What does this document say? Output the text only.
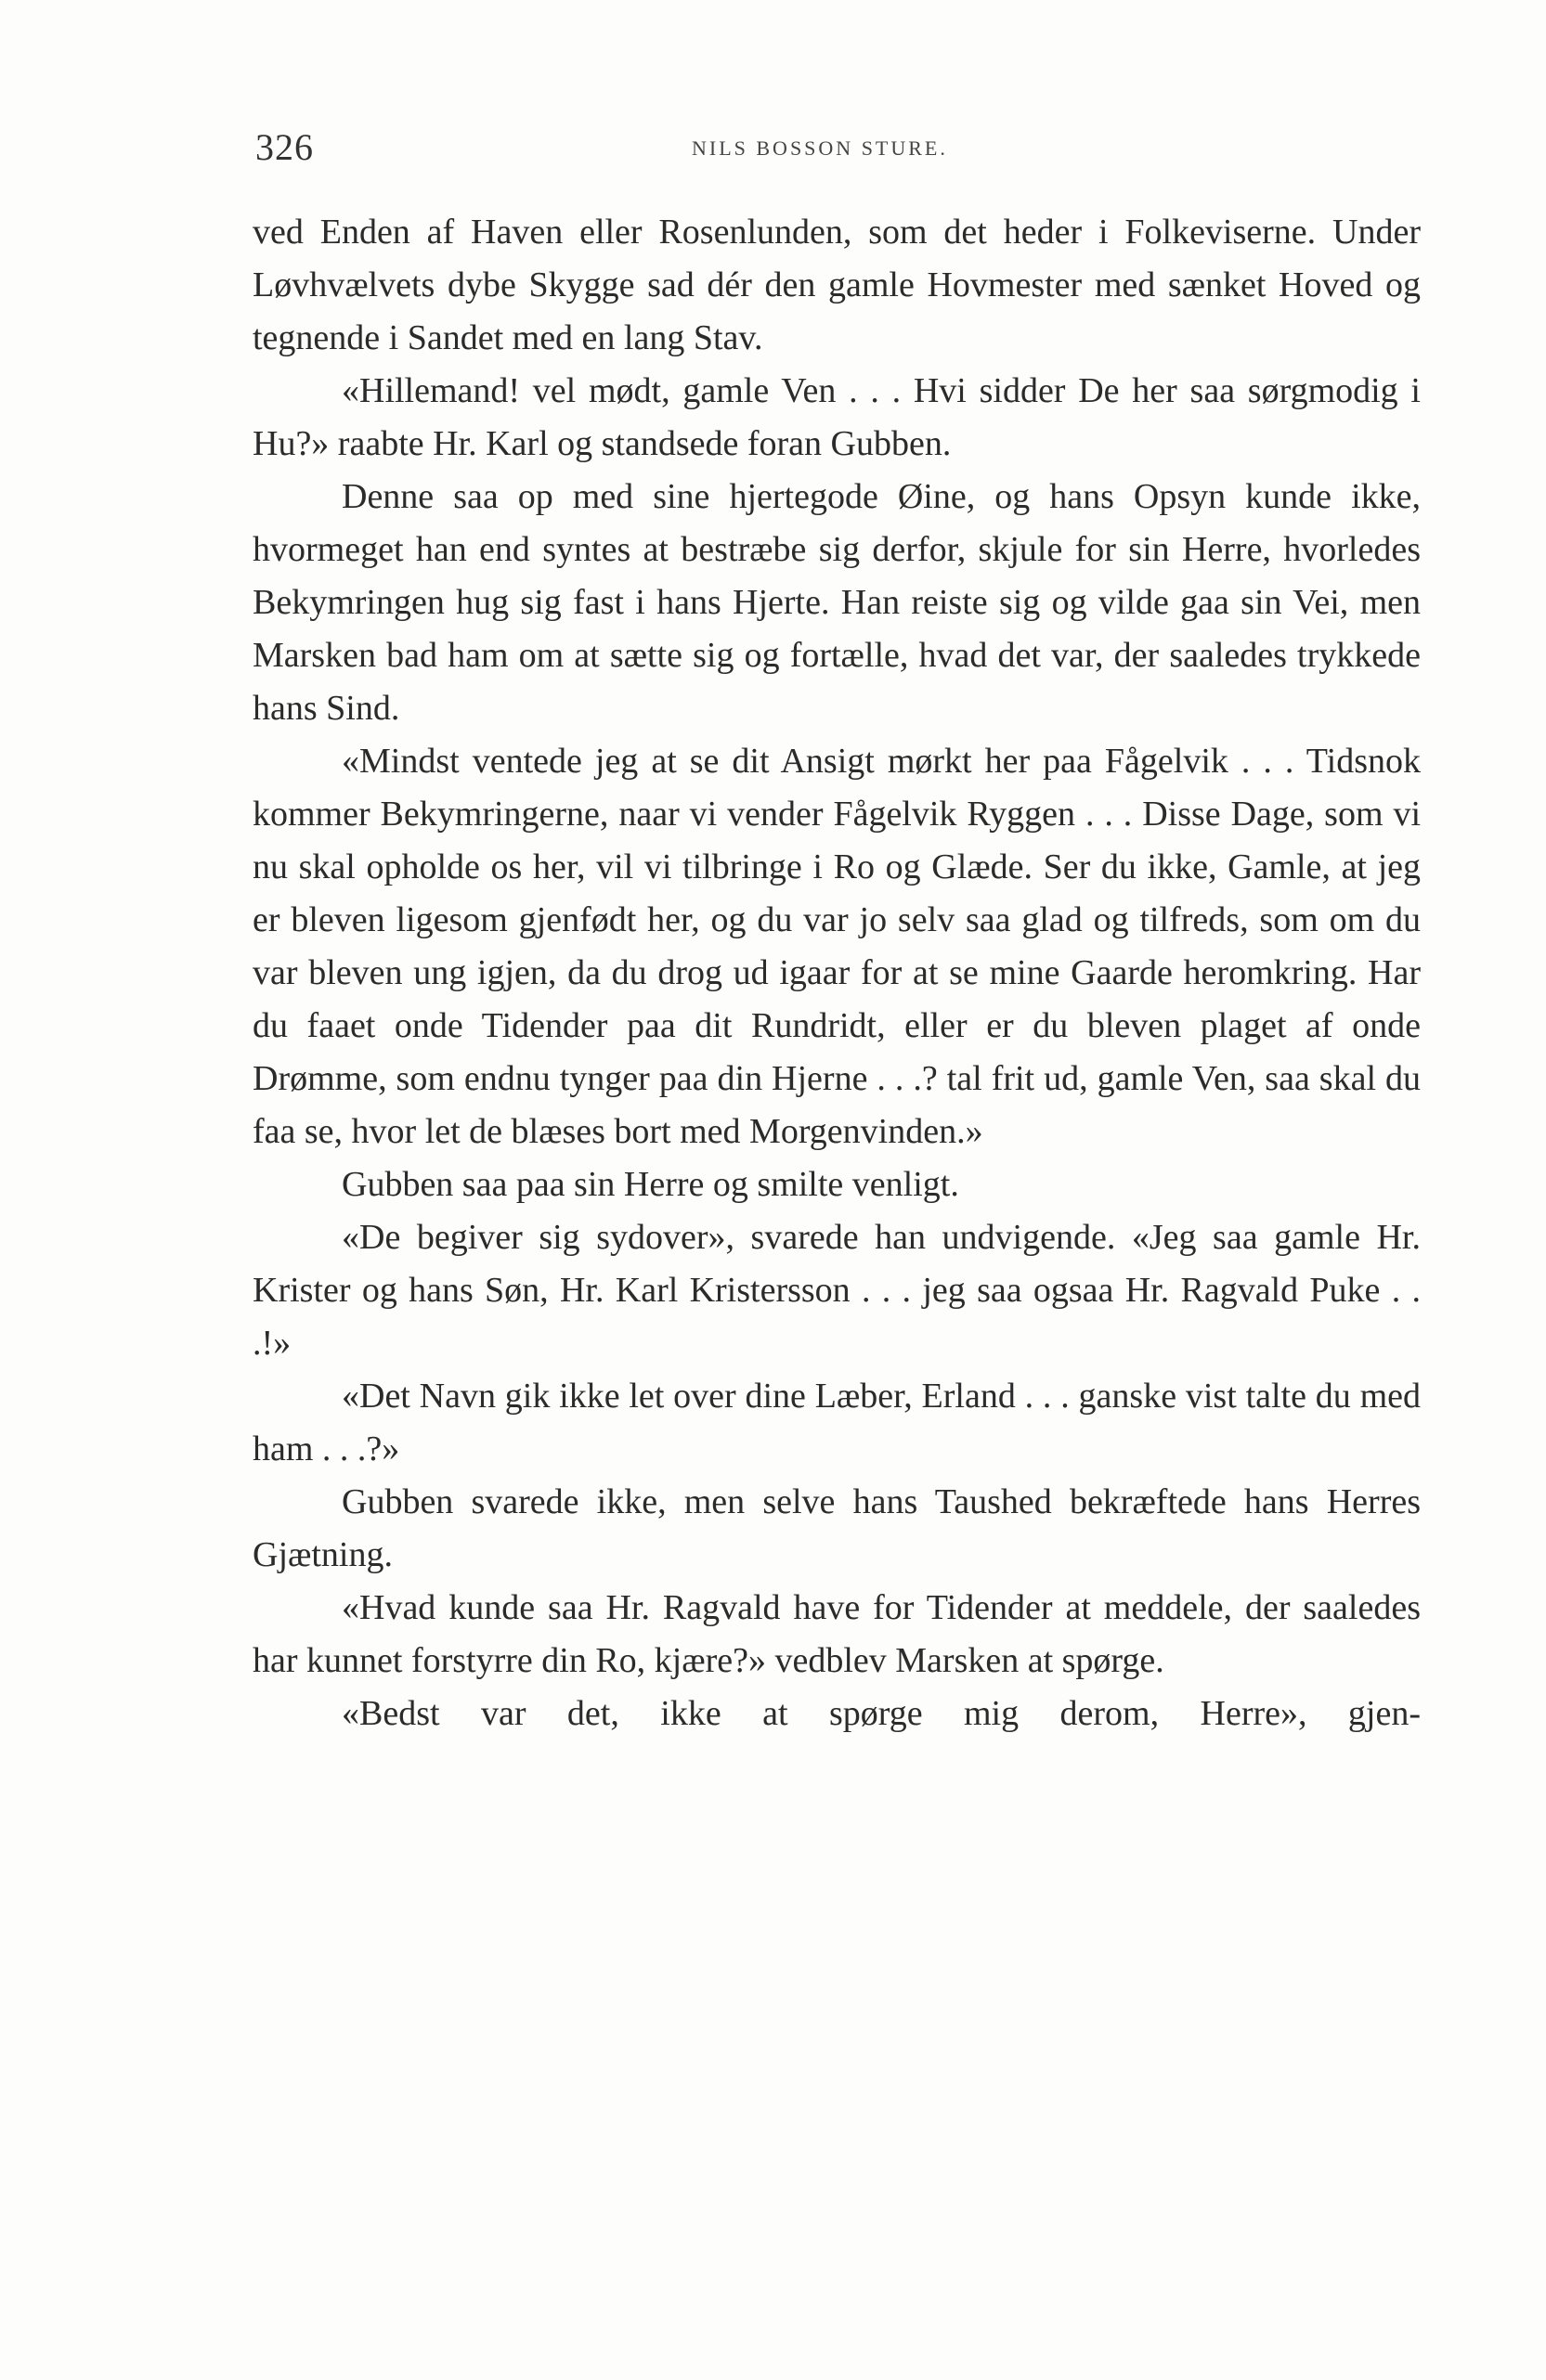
326	NILS BOSSON STURE.

ved Enden af Haven eller Rosenlunden, som det heder i Folkeviserne. Under Løvhvælvets dybe Skygge sad dér den gamle Hovmester med sænket Hoved og tegnende i Sandet med en lang Stav.

«Hillemand! vel mødt, gamle Ven . . . Hvi sidder De her saa sørgmodig i Hu?» raabte Hr. Karl og standsede foran Gubben.

Denne saa op med sine hjertegode Øine, og hans Opsyn kunde ikke, hvormeget han end syntes at bestræbe sig derfor, skjule for sin Herre, hvorledes Bekymringen hug sig fast i hans Hjerte. Han reiste sig og vilde gaa sin Vei, men Marsken bad ham om at sætte sig og fortælle, hvad det var, der saaledes trykkede hans Sind.

«Mindst ventede jeg at se dit Ansigt mørkt her paa Fågelvik . . . Tidsnok kommer Bekymringerne, naar vi vender Fågelvik Ryggen . . . Disse Dage, som vi nu skal opholde os her, vil vi tilbringe i Ro og Glæde. Ser du ikke, Gamle, at jeg er bleven ligesom gjenfødt her, og du var jo selv saa glad og tilfreds, som om du var bleven ung igjen, da du drog ud igaar for at se mine Gaarde heromkring. Har du faaet onde Tidender paa dit Rundridt, eller er du bleven plaget af onde Drømme, som endnu tynger paa din Hjerne . . .? tal frit ud, gamle Ven, saa skal du faa se, hvor let de blæses bort med Morgenvinden.»

Gubben saa paa sin Herre og smilte venligt.

«De begiver sig sydover», svarede han undvigende. «Jeg saa gamle Hr. Krister og hans Søn, Hr. Karl Kristersson . . . jeg saa ogsaa Hr. Ragvald Puke . . .!»

«Det Navn gik ikke let over dine Læber, Erland . . . ganske vist talte du med ham . . .?»

Gubben svarede ikke, men selve hans Taushed bekræftede hans Herres Gjætning.

«Hvad kunde saa Hr. Ragvald have for Tidender at meddele, der saaledes har kunnet forstyrre din Ro, kjære?» vedblev Marsken at spørge.

«Bedst var det, ikke at spørge mig derom, Herre», gjen-
